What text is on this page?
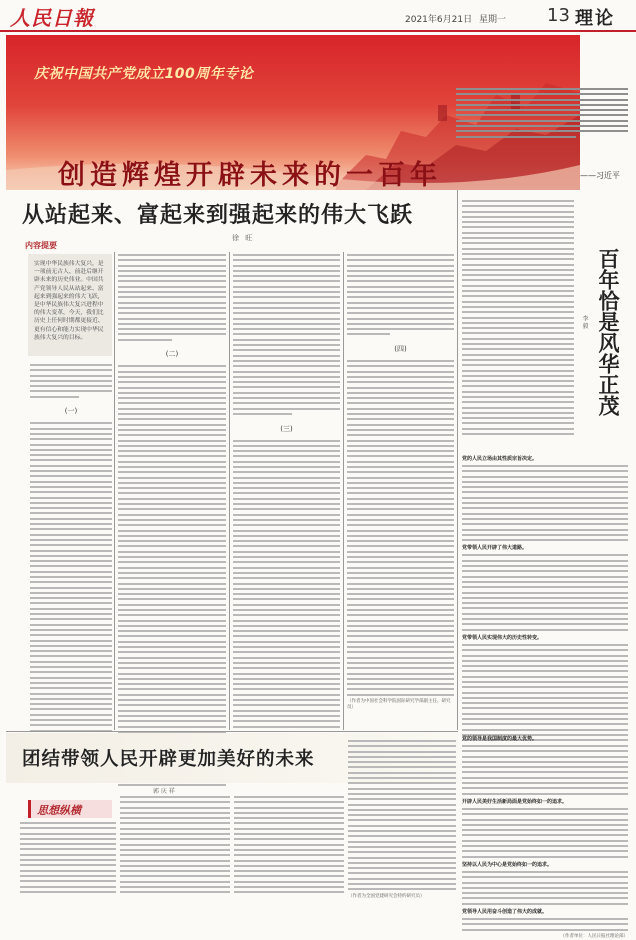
人民日報	2021年6月21日 星期一 13 理论
庆祝中国共产党成立100周年专论
创造辉煌开辟未来的一百年	——习近平
从站起来、富起来到强起来的伟大飞跃
徐 旺
内容提要
实现中华民族伟大复兴，是一项前无古人、前赴后继开辟未来的历史伟业。中国共产党领导人民从站起来、富起来到强起来的伟大飞跃，是中华民族伟大复兴进程中的伟大变革，今天，我们比历史上任何时期都更接近、更有信心和能力实现中华民族伟大复兴的目标。
(一)
(二)
(三)
(四)
（作者为中国社会科学院国际研究学部副主任、研究员）
百年恰是风华正茂
李 毅
党的人民立场由其性质宗旨决定。
党带领人民开辟了伟大道路。
党带领人民实现伟大的历史性转变。
团结带领人民开辟更加美好的未来
郭 庆 祥
思想纵横
（作者为全国党建研究会特约研究员）
党的领导是我国制度的最大优势。
开辟人民美好生活新局面是党始终如一的追求。
坚持以人民为中心是党始终如一的追求。
党领导人民用奋斗创造了伟大的成就。
（作者单位：人民日报社理论部）
